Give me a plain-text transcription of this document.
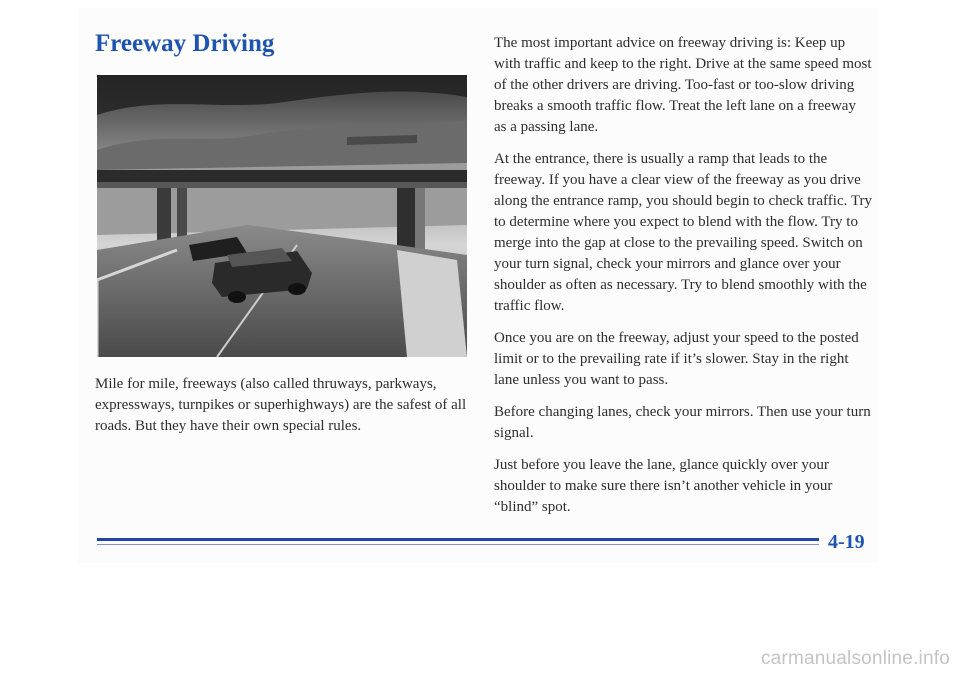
Freeway Driving

Mile for mile, freeways (also called thruways, parkways, expressways, turnpikes or superhighways) are the safest of all roads. But they have their own special rules.

The most important advice on freeway driving is: Keep up with traffic and keep to the right. Drive at the same speed most of the other drivers are driving. Too-fast or too-slow driving breaks a smooth traffic flow. Treat the left lane on a freeway as a passing lane.

At the entrance, there is usually a ramp that leads to the freeway. If you have a clear view of the freeway as you drive along the entrance ramp, you should begin to check traffic. Try to determine where you expect to blend with the flow. Try to merge into the gap at close to the prevailing speed. Switch on your turn signal, check your mirrors and glance over your shoulder as often as necessary. Try to blend smoothly with the traffic flow.

Once you are on the freeway, adjust your speed to the posted limit or to the prevailing rate if it’s slower. Stay in the right lane unless you want to pass.

Before changing lanes, check your mirrors. Then use your turn signal.

Just before you leave the lane, glance quickly over your shoulder to make sure there isn’t another vehicle in your “blind” spot.

4-19
carmanualsonline.info
